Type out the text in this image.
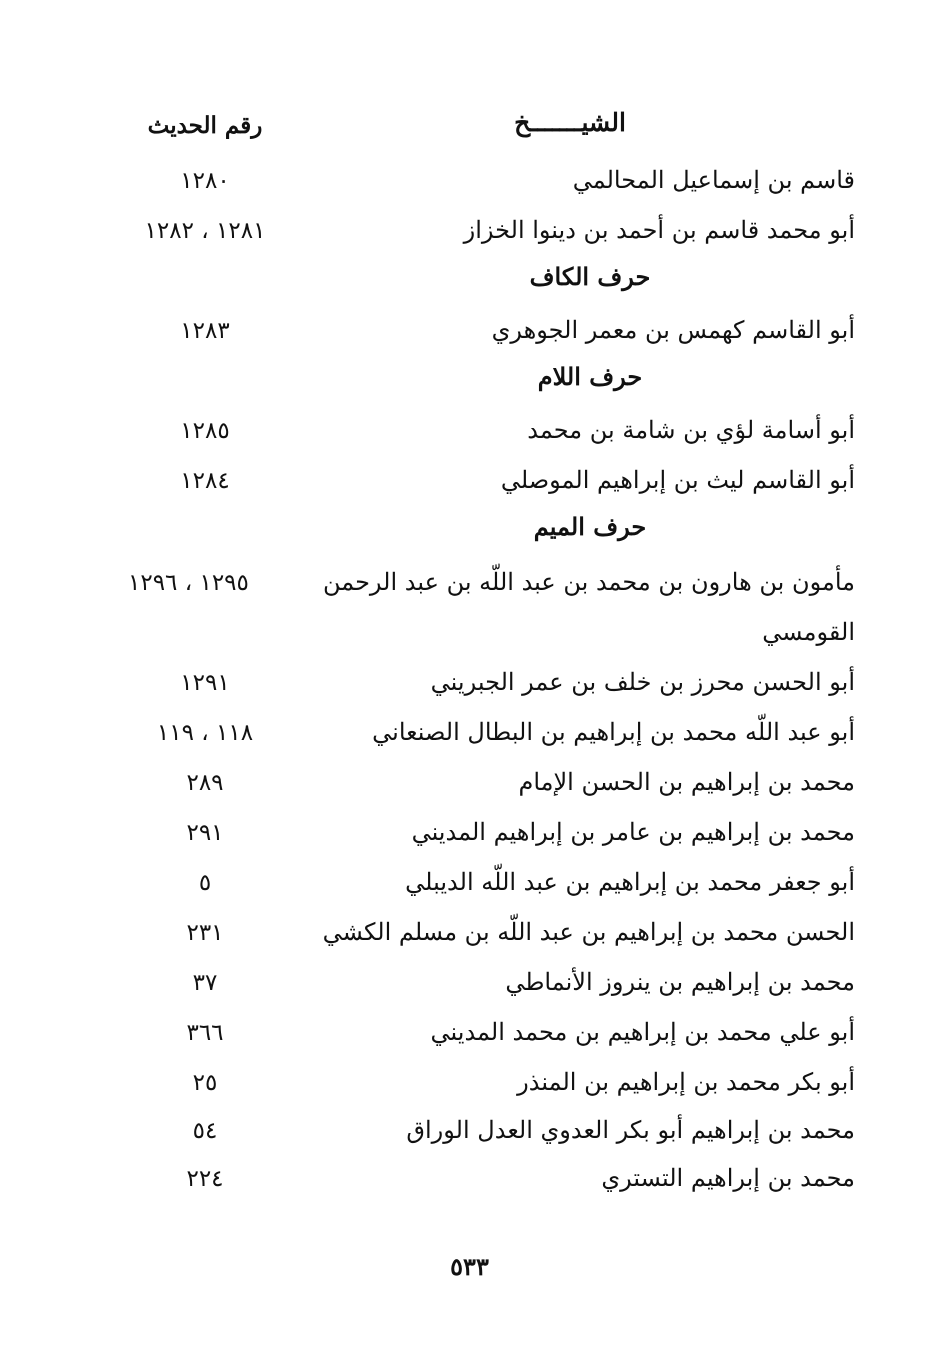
الشيـــــــخ
رقم الحديث
قاسم بن إسماعيل المحالمي
١٢٨٠
أبو محمد قاسم بن أحمد بن دينوا الخزاز
١٢٨١ ، ١٢٨٢
حرف الكاف
أبو القاسم كهمس بن معمر الجوهري
١٢٨٣
حرف اللام
أبو أسامة لؤي بن شامة بن محمد
١٢٨٥
أبو القاسم ليث بن إبراهيم الموصلي
١٢٨٤
حرف الميم
مأمون بن هارون بن محمد بن عبد اللّه بن عبد الرحمن
١٢٩٥ ، ١٢٩٦
القومسي
أبو الحسن محرز بن خلف بن عمر الجبريني
١٢٩١
أبو عبد اللّه محمد بن إبراهيم بن البطال الصنعاني
١١٨ ، ١١٩
محمد بن إبراهيم بن الحسن الإمام
٢٨٩
محمد بن إبراهيم بن عامر بن إبراهيم المديني
٢٩١
أبو جعفر محمد بن إبراهيم بن عبد اللّه الديبلي
٥
الحسن محمد بن إبراهيم بن عبد اللّه بن مسلم الكشي
٢٣١
محمد بن إبراهيم بن ينروز الأنماطي
٣٧
أبو علي محمد بن إبراهيم بن محمد المديني
٣٦٦
أبو بكر محمد بن إبراهيم بن المنذر
٢٥
محمد بن إبراهيم أبو بكر العدوي العدل الوراق
٥٤
محمد بن إبراهيم التستري
٢٢٤
٥٣٣
